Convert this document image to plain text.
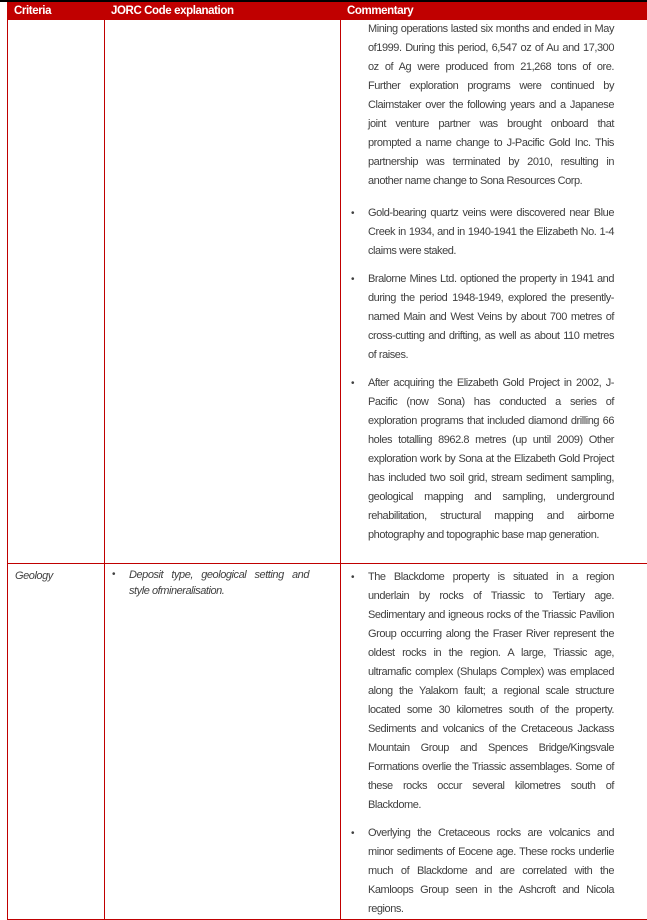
Criteria	JORC Code explanation	Commentary

		Mining operations lasted six months and ended in May of1999. During this period, 6,547 oz of Au and 17,300 oz of Ag were produced from 21,268 tons of ore. Further exploration programs were continued by Claimstaker over the following years and a Japanese joint venture partner was brought onboard that prompted a name change to J-Pacific Gold Inc. This partnership was terminated by 2010, resulting in another name change to Sona Resources Corp.
• Gold-bearing quartz veins were discovered near Blue Creek in 1934, and in 1940-1941 the Elizabeth No. 1-4 claims were staked.
• Bralorne Mines Ltd. optioned the property in 1941 and during the period 1948-1949, explored the presently-named Main and West Veins by about 700 metres of cross-cutting and drifting, as well as about 110 metres of raises.
• After acquiring the Elizabeth Gold Project in 2002, J-Pacific (now Sona) has conducted a series of exploration programs that included diamond drilling 66 holes totalling 8962.8 metres (up until 2009) Other exploration work by Sona at the Elizabeth Gold Project has included two soil grid, stream sediment sampling, geological mapping and sampling, underground rehabilitation, structural mapping and airborne photography and topographic base map generation.

Geology	• Deposit type, geological setting and style ofmineralisation.	• The Blackdome property is situated in a region underlain by rocks of Triassic to Tertiary age. Sedimentary and igneous rocks of the Triassic Pavilion Group occurring along the Fraser River represent the oldest rocks in the region. A large, Triassic age, ultramafic complex (Shulaps Complex) was emplaced along the Yalakom fault; a regional scale structure located some 30 kilometres south of the property. Sediments and volcanics of the Cretaceous Jackass Mountain Group and Spences Bridge/Kingsvale Formations overlie the Triassic assemblages. Some of these rocks occur several kilometres south of Blackdome.
• Overlying the Cretaceous rocks are volcanics and minor sediments of Eocene age. These rocks underlie much of Blackdome and are correlated with the Kamloops Group seen in the Ashcroft and Nicola regions.
